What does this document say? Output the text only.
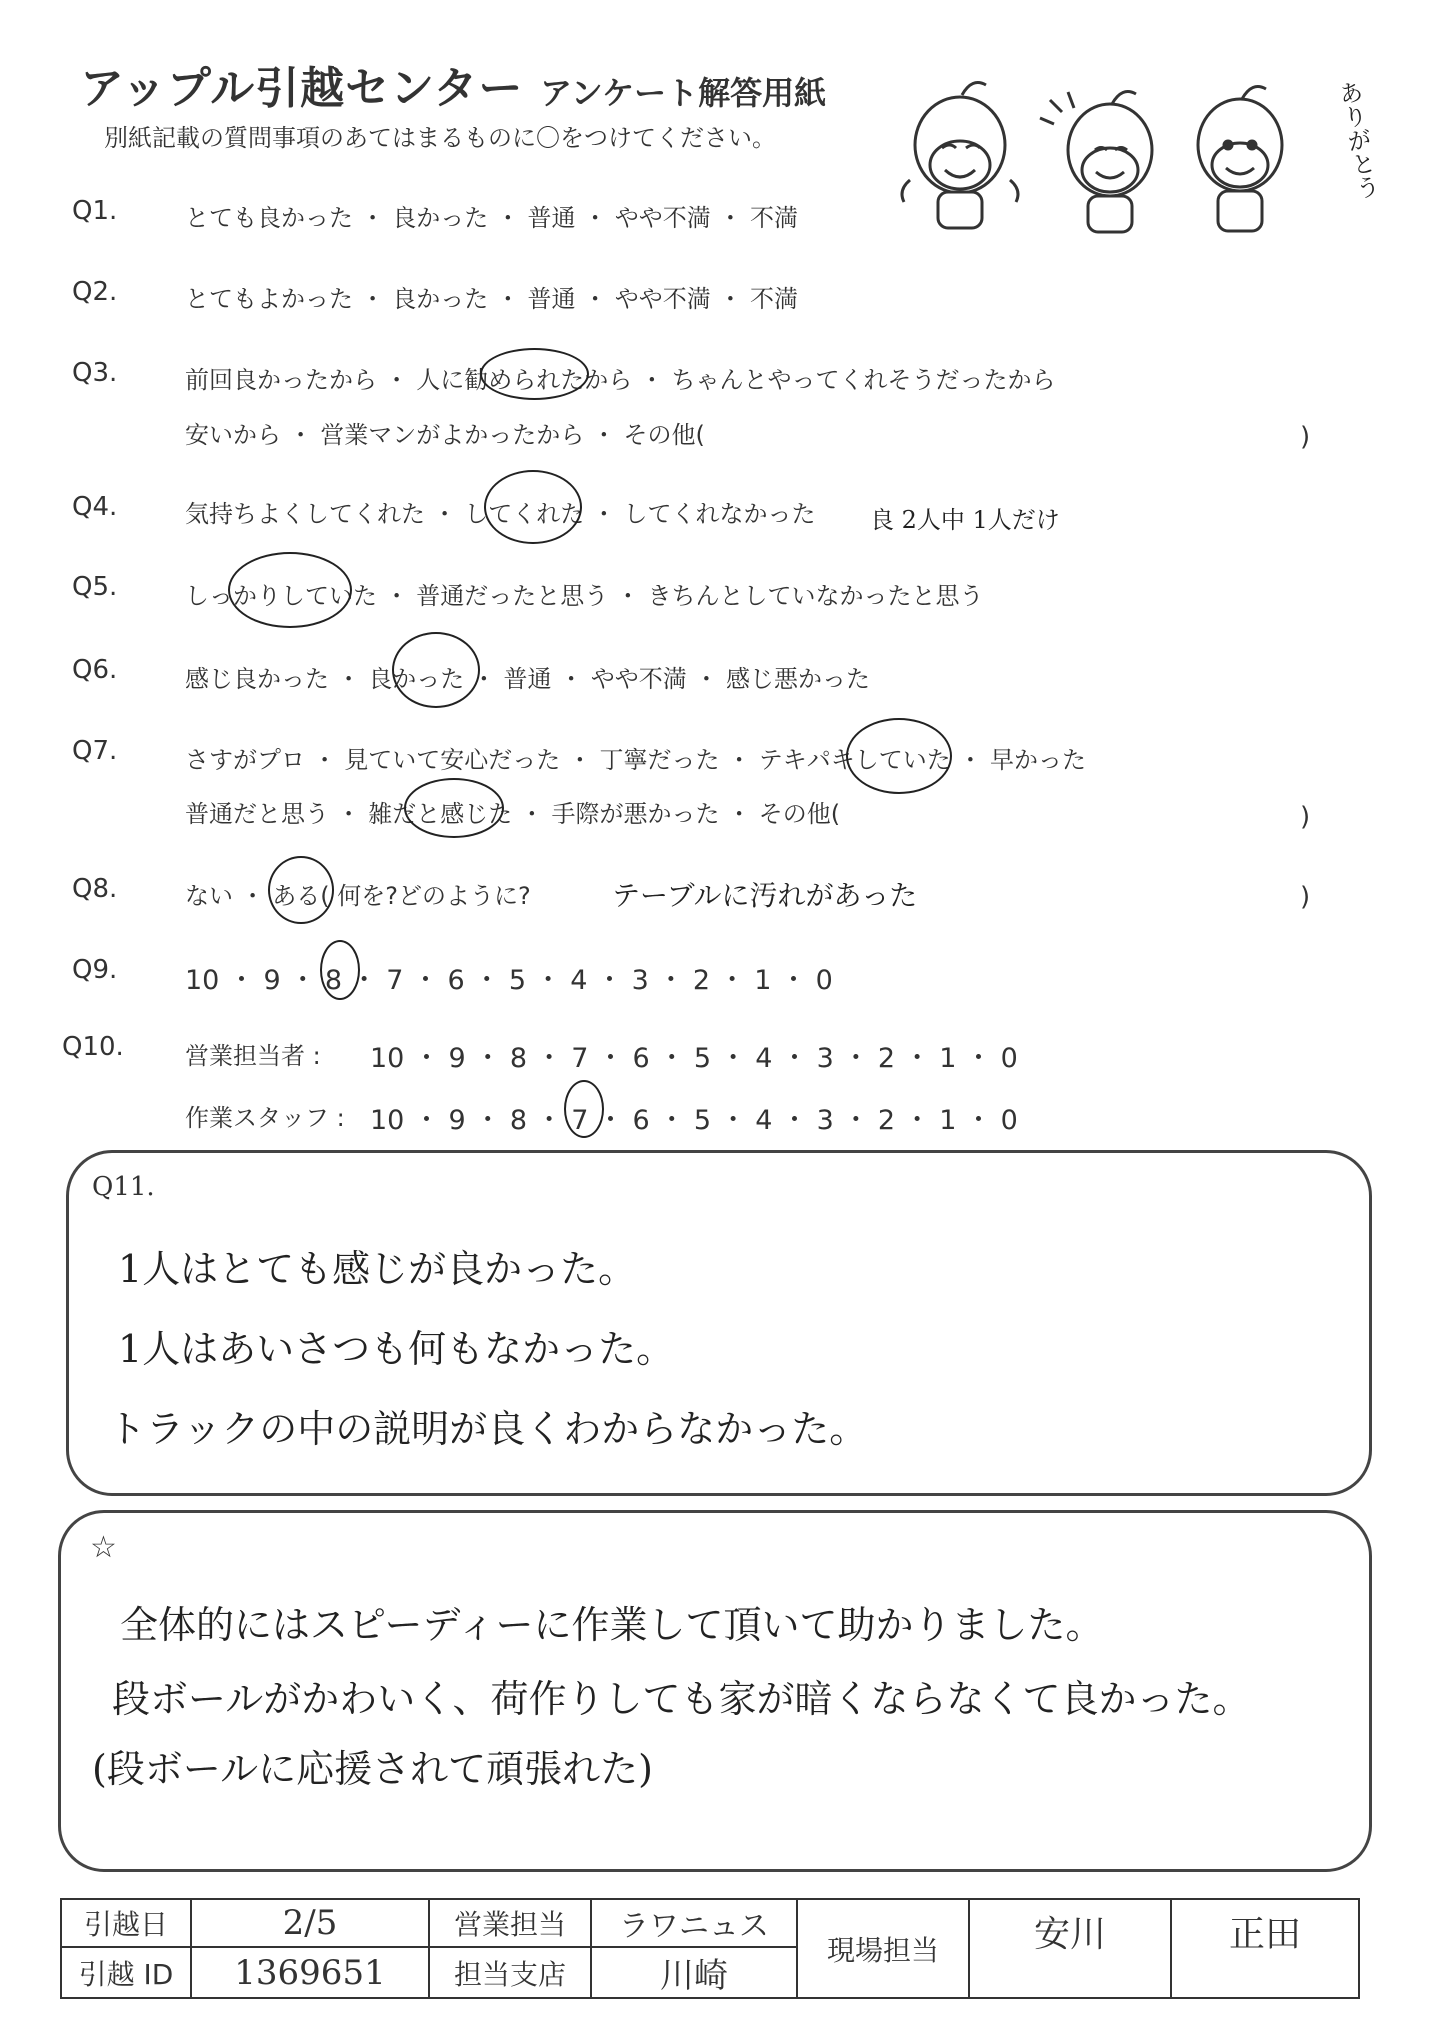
アップル引越センター アンケート解答用紙
別紙記載の質問事項のあてはまるものに〇をつけてください。	ありがとう
Q1.	とても良かった ・ 良かった ・ 普通 ・ やや不満 ・ 不満
Q2.	とてもよかった ・ 良かった ・ 普通 ・ やや不満 ・ 不満
Q3.	前回良かったから ・ 人に勧められたから ・ ちゃんとやってくれそうだったから
安いから ・ 営業マンがよかったから ・ その他(	)
Q4.	気持ちよくしてくれた ・ してくれた ・ してくれなかった 良 2人中 1人だけ
Q5.	しっかりしていた ・ 普通だったと思う ・ きちんとしていなかったと思う
Q6.	感じ良かった ・ 良かった ・ 普通 ・ やや不満 ・ 感じ悪かった
Q7.	さすがプロ ・ 見ていて安心だった ・ 丁寧だった ・ テキパキしていた ・ 早かった
普通だと思う ・ 雑だと感じた ・ 手際が悪かった ・ その他(	)
Q8.	ない ・ ある( 何を?どのように?	テーブルに汚れがあった	)
Q9.	10 ・ 9 ・ 8 ・ 7 ・ 6 ・ 5 ・ 4 ・ 3 ・ 2 ・ 1 ・ 0
Q10.	営業担当者 : 10 ・ 9 ・ 8 ・ 7 ・ 6 ・ 5 ・ 4 ・ 3 ・ 2 ・ 1 ・ 0
作業スタッフ : 10 ・ 9 ・ 8 ・ 7 ・ 6 ・ 5 ・ 4 ・ 3 ・ 2 ・ 1 ・ 0
Q11.
1人はとても感じが良かった。
1人はあいさつも何もなかった。
トラックの中の説明が良くわからなかった。
☆
全体的にはスピーディーに作業して頂いて助かりました。
段ボールがかわいく、荷作りしても家が暗くならなくて良かった。
(段ボールに応援されて頑張れた)
引越日	2/5	営業担当	ラワニュス	現場担当	安川	正田
引越 ID	1369651	担当支店	川崎			
